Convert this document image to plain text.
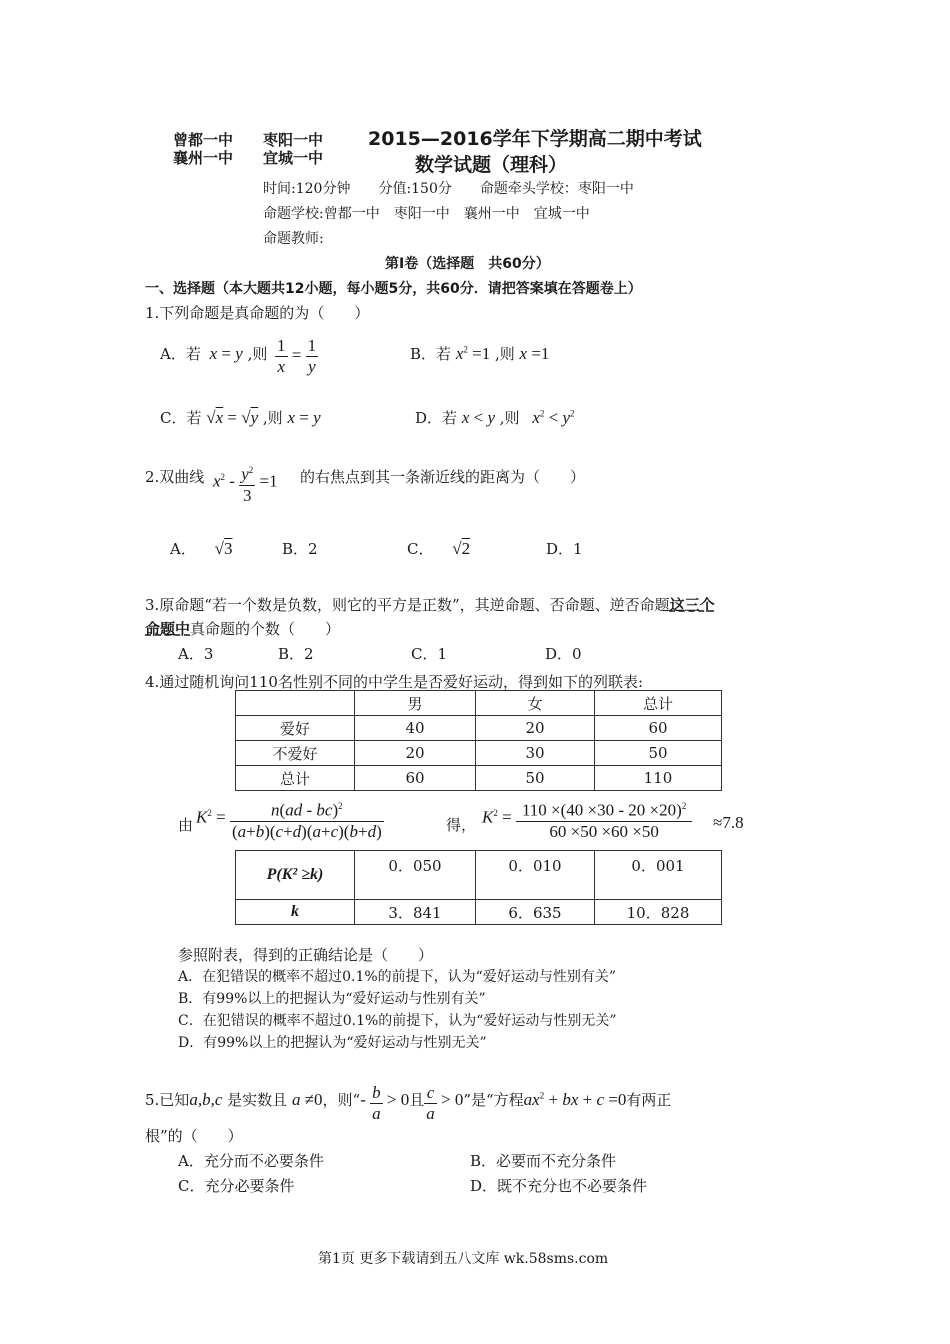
曾都一中 枣阳一中
襄州一中 宜城一中
2015—2016学年下学期高二期中考试
数学试题（理科）
时间:120分钟　　分值:150分　　命题牵头学校：枣阳一中
命题学校:曾都一中　枣阳一中　襄州一中　宜城一中
命题教师:
第Ⅰ卷（选择题　共60分）
一、选择题（本大题共12小题，每小题5分，共60分．请把答案填在答题卷上）
1.下列命题是真命题的为（　　）
A．若 x = y ,则 $\frac{1}{x} = \frac{1}{y}$	B．若 $x^2 =1$ ,则 x =1
C．若 √x = √y ,则 x = y	D．若 x < y ,则 $x^2 < y^2$
2.双曲线 $x^2 - \frac{y^2}{3} =1$ 的右焦点到其一条渐近线的距离为（　　）
A． √3	B．2	C． √2	D．1
3.原命题“若一个数是负数，则它的平方是正数”，其逆命题、否命题、逆否命题这三个
命题中真命题的个数（　　）
A．3	B．2	C．1	D．0
4.通过随机询问110名性别不同的中学生是否爱好运动，得到如下的列联表:
	男	女	总计
爱好	40	20	60
不爱好	20	30	50
总计	60	50	110
由 $K^2 = \frac{n(ad - bc)^2}{(a+b)(c+d)(a+c)(b+d)}$	得， $K^2 = \frac{110 \times(40 \times 30 - 20 \times 20)^2}{60 \times 50 \times 60 \times 50} \approx 7.8$
P(K² ≥k)	0．050	0．010	0．001
k	3．841	6．635	10．828
参照附表，得到的正确结论是（　　）
A．在犯错误的概率不超过0.1%的前提下，认为“爱好运动与性别有关”
B．有99%以上的把握认为“爱好运动与性别有关”
C．在犯错误的概率不超过0.1%的前提下，认为“爱好运动与性别无关”
D．有99%以上的把握认为“爱好运动与性别无关”
5.已知a,b,c 是实数且 a ≠0，则“- $\frac{b}{a} > 0$且 $\frac{c}{a} > 0$”是“方程$ax^2$ + bx + c =0有两正
根”的（　　）
A．充分而不必要条件	B．必要而不充分条件
C．充分必要条件	D．既不充分也不必要条件
第1页 更多下载请到五八文库 wk.58sms.com
